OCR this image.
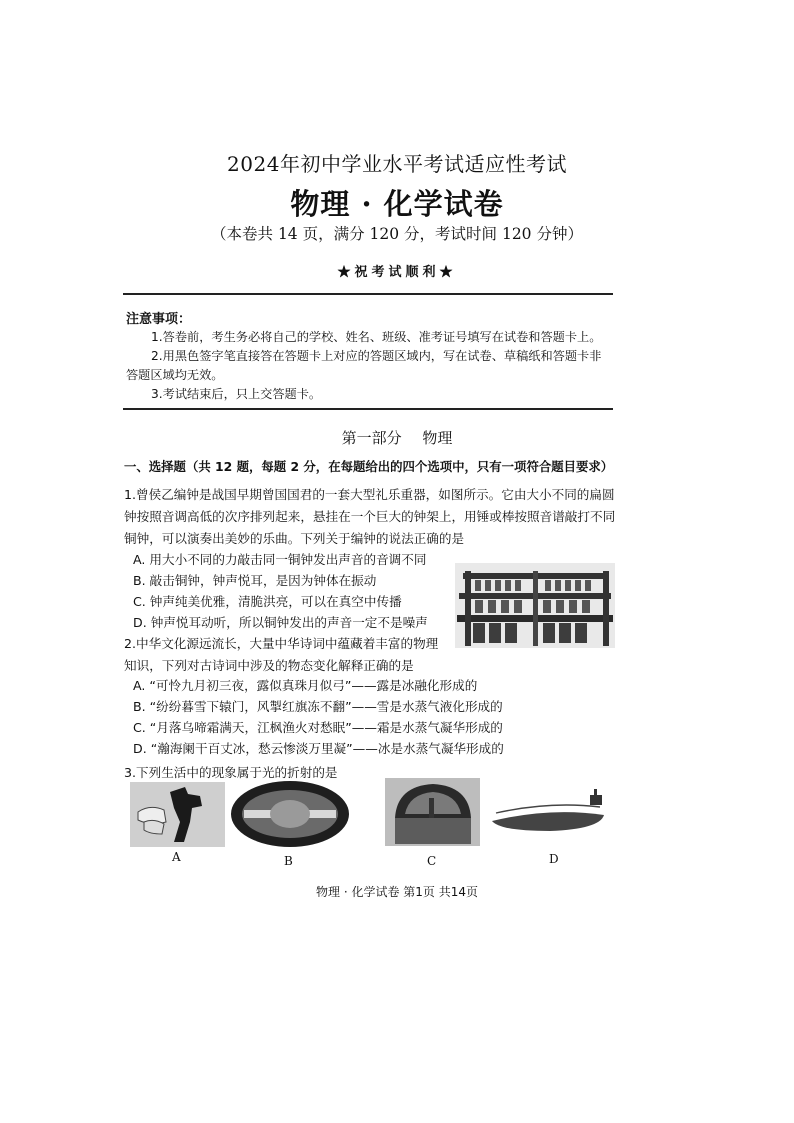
2024年初中学业水平考试适应性考试
物理 · 化学试卷
（本卷共 14 页，满分 120 分，考试时间 120 分钟）
★祝考试顺利★
注意事项：
1.答卷前，考生务必将自己的学校、姓名、班级、准考证号填写在试卷和答题卡上。
2.用黑色签字笔直接答在答题卡上对应的答题区域内，写在试卷、草稿纸和答题卡非
答题区域均无效。
3.考试结束后，只上交答题卡。
第一部分 物理
一、选择题（共 12 题，每题 2 分，在每题给出的四个选项中，只有一项符合题目要求）
1.曾侯乙编钟是战国早期曾国国君的一套大型礼乐重器，如图所示。它由大小不同的扁圆
钟按照音调高低的次序排列起来，悬挂在一个巨大的钟架上，用锤或棒按照音谱敲打不同
铜钟，可以演奏出美妙的乐曲。下列关于编钟的说法正确的是
A. 用大小不同的力敲击同一铜钟发出声音的音调不同
B. 敲击铜钟，钟声悦耳，是因为钟体在振动
C. 钟声纯美优雅，清脆洪亮，可以在真空中传播
D. 钟声悦耳动听，所以铜钟发出的声音一定不是噪声
2.中华文化源远流长，大量中华诗词中蕴藏着丰富的物理
知识，下列对古诗词中涉及的物态变化解释正确的是
A. “可怜九月初三夜，露似真珠月似弓”——露是冰融化形成的
B. “纷纷暮雪下辕门，风掣红旗冻不翻”——雪是水蒸气液化形成的
C. “月落乌啼霜满天，江枫渔火对愁眠”——霜是水蒸气凝华形成的
D. “瀚海阑干百丈冰，愁云惨淡万里凝”——冰是水蒸气凝华形成的
3.下列生活中的现象属于光的折射的是
A	B	C	D
物理 · 化学试卷 第1页 共14页
